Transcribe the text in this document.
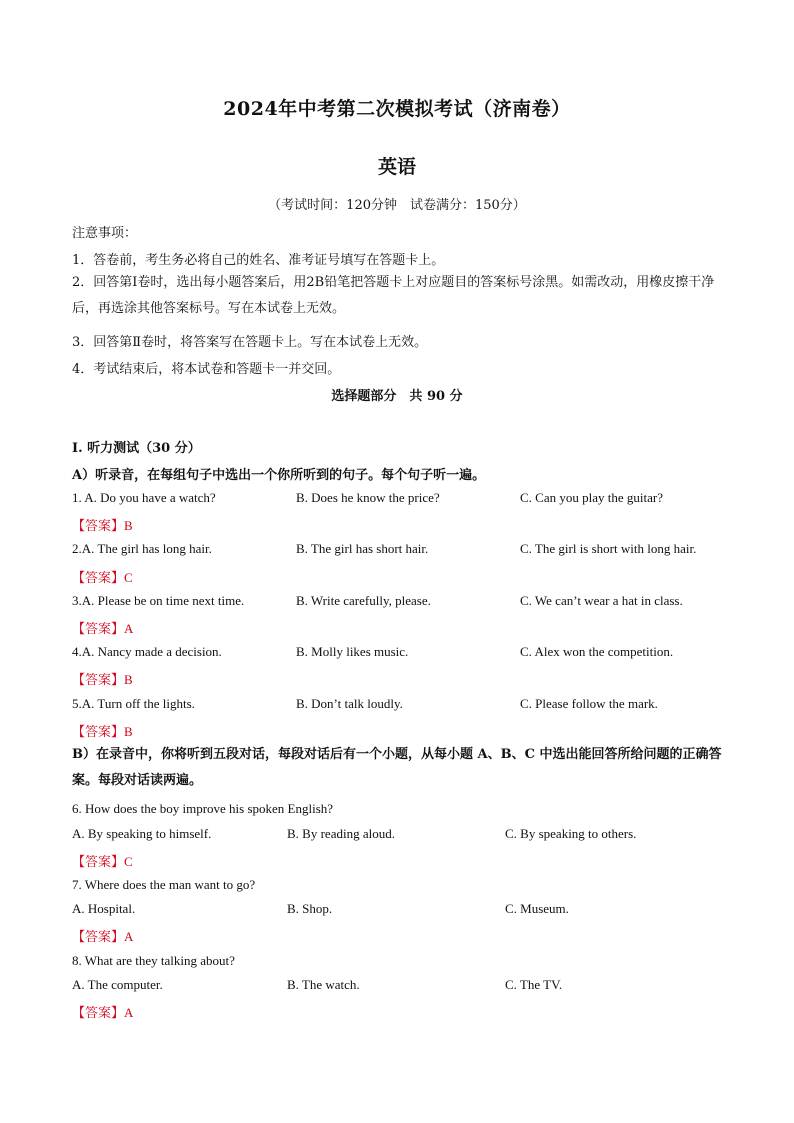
2024年中考第二次模拟考试（济南卷）
英语
（考试时间：120分钟　试卷满分：150分）
注意事项：
1．答卷前，考生务必将自己的姓名、准考证号填写在答题卡上。
2．回答第Ⅰ卷时，选出每小题答案后，用2B铅笔把答题卡上对应题目的答案标号涂黑。如需改动，用橡皮擦干净后，再选涂其他答案标号。写在本试卷上无效。
3．回答第Ⅱ卷时，将答案写在答题卡上。写在本试卷上无效。
4．考试结束后，将本试卷和答题卡一并交回。
选择题部分　共 90 分
I. 听力测试（30 分）
A）听录音，在每组句子中选出一个你所听到的句子。每个句子听一遍。
1. A. Do you have a watch?	B. Does he know the price?	C. Can you play the guitar?
【答案】B
2.A. The girl has long hair.	B. The girl has short hair.	C. The girl is short with long hair.
【答案】C
3.A. Please be on time next time.	B. Write carefully, please.	C. We can’t wear a hat in class.
【答案】A
4.A. Nancy made a decision.	B. Molly likes music.	C. Alex won the competition.
【答案】B
5.A. Turn off the lights.	B. Don’t talk loudly.	C. Please follow the mark.
【答案】B
B）在录音中，你将听到五段对话，每段对话后有一个小题，从每小题 A、B、C 中选出能回答所给问题的正确答案。每段对话读两遍。
6. How does the boy improve his spoken English?
A. By speaking to himself.	B. By reading aloud.	C. By speaking to others.
【答案】C
7. Where does the man want to go?
A. Hospital.	B. Shop.	C. Museum.
【答案】A
8. What are they talking about?
A. The computer.	B. The watch.	C. The TV.
【答案】A
